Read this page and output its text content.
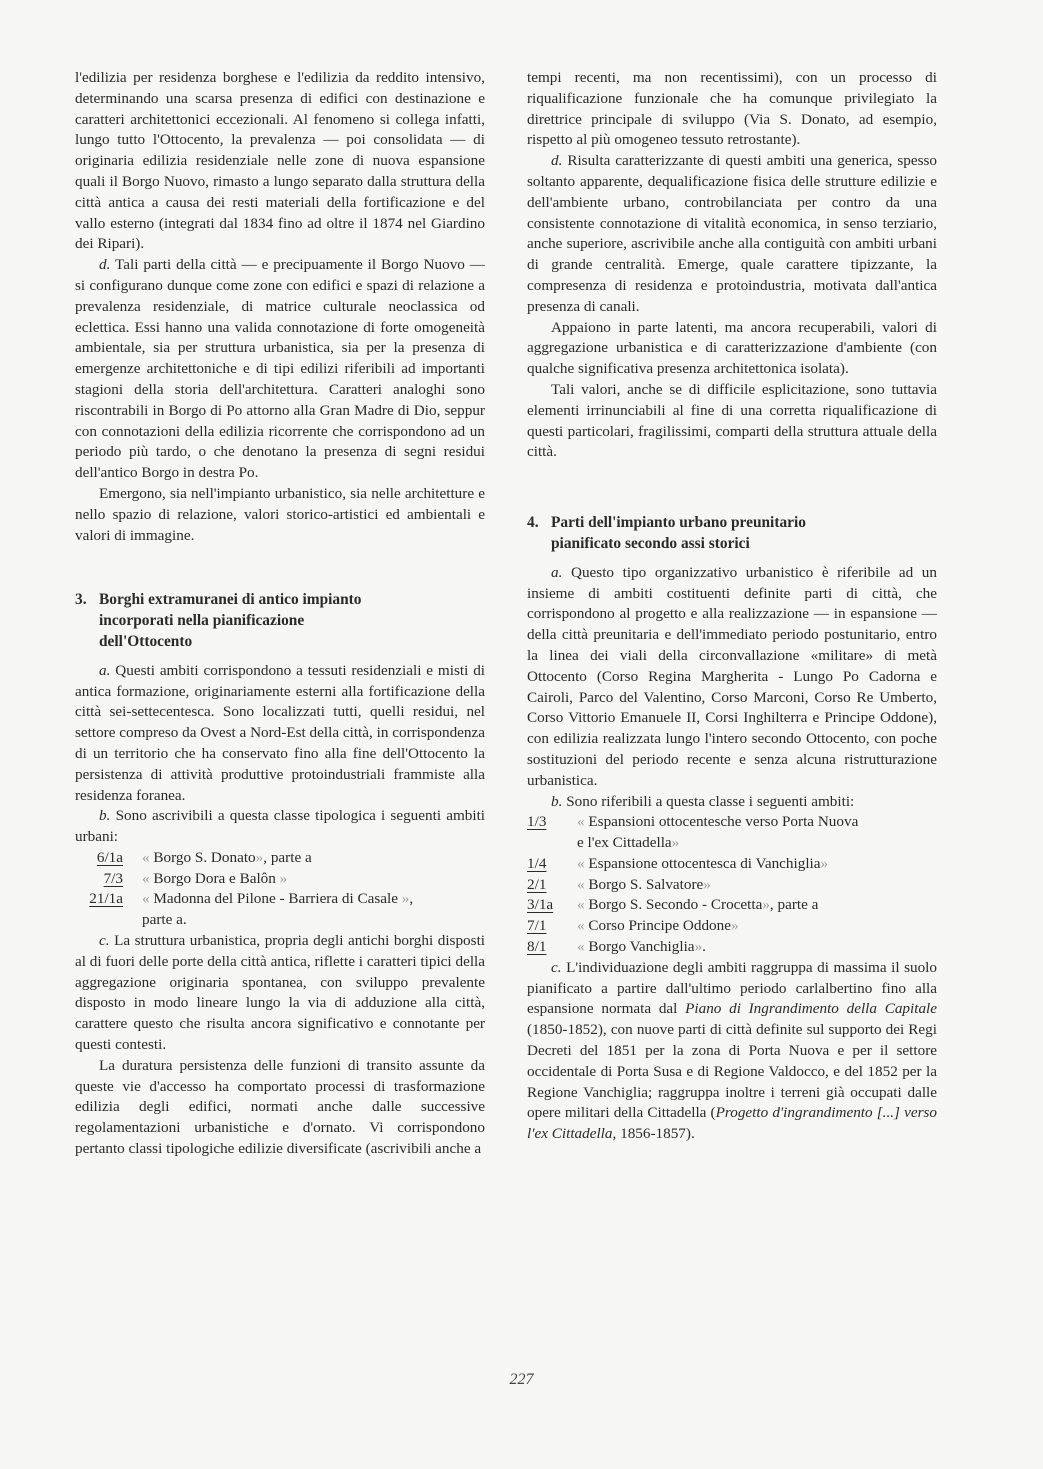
l'edilizia per residenza borghese e l'edilizia da reddito intensivo, determinando una scarsa presenza di edifici con destinazione e caratteri architettonici eccezionali. Al fenomeno si collega infatti, lungo tutto l'Ottocento, la prevalenza — poi consolidata — di originaria edilizia residenziale nelle zone di nuova espansione quali il Borgo Nuovo, rimasto a lungo separato dalla struttura della città antica a causa dei resti materiali della fortificazione e del vallo esterno (integrati dal 1834 fino ad oltre il 1874 nel Giardino dei Ripari).

d. Tali parti della città — e precipuamente il Borgo Nuovo — si configurano dunque come zone con edifici e spazi di relazione a prevalenza residenziale, di matrice culturale neoclassica od eclettica. Essi hanno una valida connotazione di forte omogeneità ambientale, sia per struttura urbanistica, sia per la presenza di emergenze architettoniche e di tipi edilizi riferibili ad importanti stagioni della storia dell'architettura. Caratteri analoghi sono riscontrabili in Borgo di Po attorno alla Gran Madre di Dio, seppur con connotazioni della edilizia ricorrente che corrispondono ad un periodo più tardo, o che denotano la presenza di segni residui dell'antico Borgo in destra Po.

Emergono, sia nell'impianto urbanistico, sia nelle architetture e nello spazio di relazione, valori storico-artistici ed ambientali e valori di immagine.

3. Borghi extramuranei di antico impianto
incorporati nella pianificazione
dell'Ottocento

a. Questi ambiti corrispondono a tessuti residenziali e misti di antica formazione, originariamente esterni alla fortificazione della città sei-settecentesca. Sono localizzati tutti, quelli residui, nel settore compreso da Ovest a Nord-Est della città, in corrispondenza di un territorio che ha conservato fino alla fine dell'Ottocento la persistenza di attività produttive protoindustriali frammiste alla residenza foranea.

b. Sono ascrivibili a questa classe tipologica i seguenti ambiti urbani:

6/1a « Borgo S. Donato», parte a
7/3 « Borgo Dora e Balôn »
21/1a « Madonna del Pilone - Barriera di Casale »,
parte a.

c. La struttura urbanistica, propria degli antichi borghi disposti al di fuori delle porte della città antica, riflette i caratteri tipici della aggregazione originaria spontanea, con sviluppo prevalente disposto in modo lineare lungo la via di adduzione alla città, carattere questo che risulta ancora significativo e connotante per questi contesti.

La duratura persistenza delle funzioni di transito assunte da queste vie d'accesso ha comportato processi di trasformazione edilizia degli edifici, normati anche dalle successive regolamentazioni urbanistiche e d'ornato. Vi corrispondono pertanto classi tipologiche edilizie diversificate (ascrivibili anche a

tempi recenti, ma non recentissimi), con un processo di riqualificazione funzionale che ha comunque privilegiato la direttrice principale di sviluppo (Via S. Donato, ad esempio, rispetto al più omogeneo tessuto retrostante).

d. Risulta caratterizzante di questi ambiti una generica, spesso soltanto apparente, dequalificazione fisica delle strutture edilizie e dell'ambiente urbano, controbilanciata per contro da una consistente connotazione di vitalità economica, in senso terziario, anche superiore, ascrivibile anche alla contiguità con ambiti urbani di grande centralità. Emerge, quale carattere tipizzante, la compresenza di residenza e protoindustria, motivata dall'antica presenza di canali.

Appaiono in parte latenti, ma ancora recuperabili, valori di aggregazione urbanistica e di caratterizzazione d'ambiente (con qualche significativa presenza architettonica isolata).

Tali valori, anche se di difficile esplicitazione, sono tuttavia elementi irrinunciabili al fine di una corretta riqualificazione di questi particolari, fragilissimi, comparti della struttura attuale della città.

4. Parti dell'impianto urbano preunitario
pianificato secondo assi storici

a. Questo tipo organizzativo urbanistico è riferibile ad un insieme di ambiti costituenti definite parti di città, che corrispondono al progetto e alla realizzazione — in espansione — della città preunitaria e dell'immediato periodo postunitario, entro la linea dei viali della circonvallazione «militare» di metà Ottocento (Corso Regina Margherita - Lungo Po Cadorna e Cairoli, Parco del Valentino, Corso Marconi, Corso Re Umberto, Corso Vittorio Emanuele II, Corsi Inghilterra e Principe Oddone), con edilizia realizzata lungo l'intero secondo Ottocento, con poche sostituzioni del periodo recente e senza alcuna ristrutturazione urbanistica.

b. Sono riferibili a questa classe i seguenti ambiti:

1/3	« Espansioni ottocentesche verso Porta Nuova
e l'ex Cittadella»
1/4	« Espansione ottocentesca di Vanchiglia»
2/1	« Borgo S. Salvatore»
3/1a	« Borgo S. Secondo - Crocetta», parte a
7/1	« Corso Principe Oddone»
8/1	« Borgo Vanchiglia».

c. L'individuazione degli ambiti raggruppa di massima il suolo pianificato a partire dall'ultimo periodo carlalbertino fino alla espansione normata dal Piano di Ingrandimento della Capitale (1850-1852), con nuove parti di città definite sul supporto dei Regi Decreti del 1851 per la zona di Porta Nuova e per il settore occidentale di Porta Susa e di Regione Valdocco, e del 1852 per la Regione Vanchiglia; raggruppa inoltre i terreni già occupati dalle opere militari della Cittadella (Progetto d'ingrandimento [...] verso l'ex Cittadella, 1856-1857).

227
